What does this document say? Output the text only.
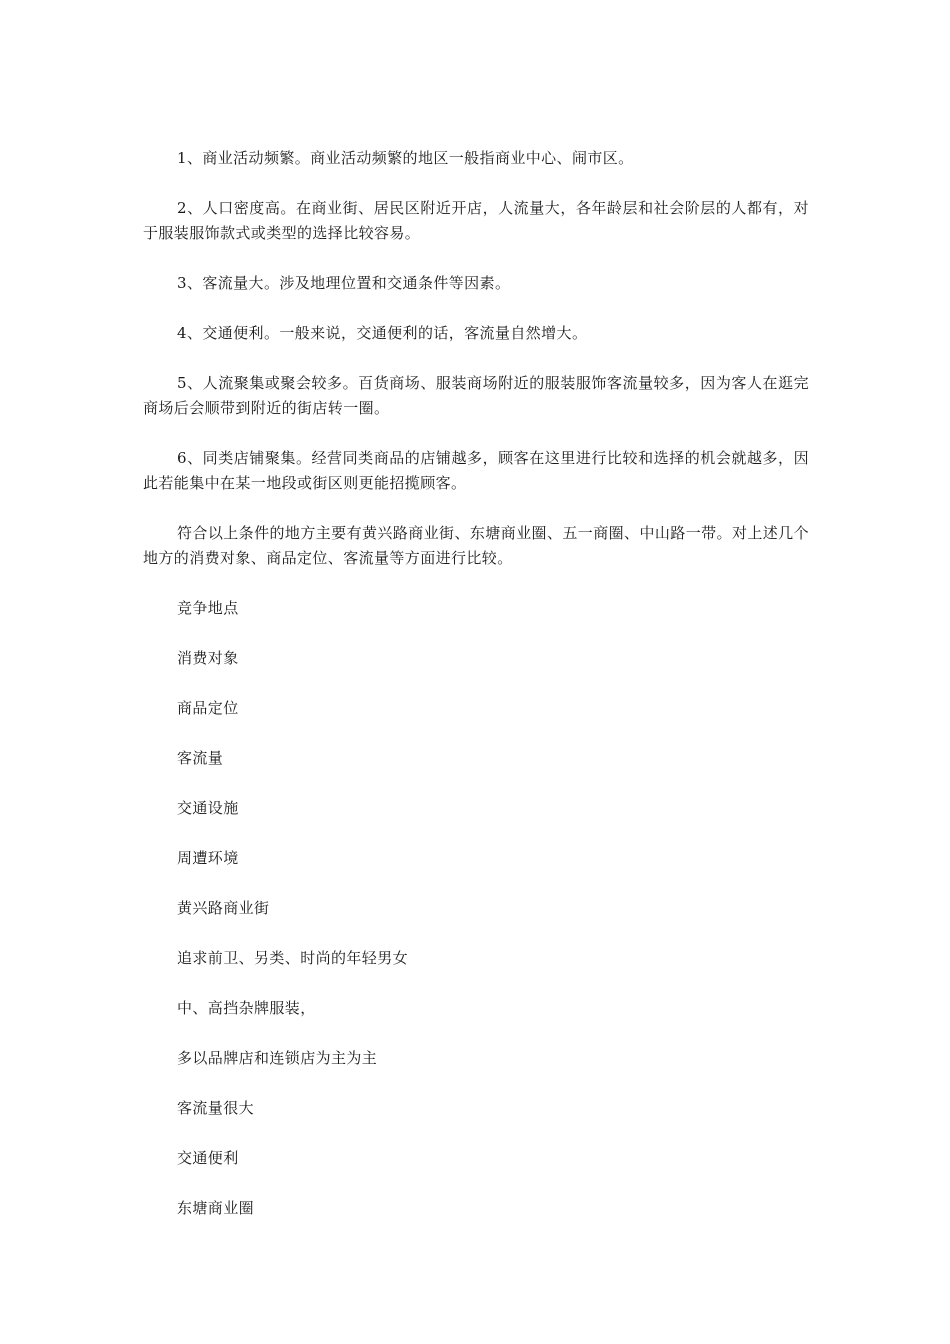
1、商业活动频繁。商业活动频繁的地区一般指商业中心、闹市区。

2、人口密度高。在商业街、居民区附近开店，人流量大，各年龄层和社会阶层的人都有，对于服装服饰款式或类型的选择比较容易。

3、客流量大。涉及地理位置和交通条件等因素。

4、交通便利。一般来说，交通便利的话，客流量自然增大。

5、人流聚集或聚会较多。百货商场、服装商场附近的服装服饰客流量较多，因为客人在逛完商场后会顺带到附近的街店转一圈。

6、同类店铺聚集。经营同类商品的店铺越多，顾客在这里进行比较和选择的机会就越多，因此若能集中在某一地段或街区则更能招揽顾客。

符合以上条件的地方主要有黄兴路商业街、东塘商业圈、五一商圈、中山路一带。对上述几个地方的消费对象、商品定位、客流量等方面进行比较。

竞争地点

消费对象

商品定位

客流量

交通设施

周遭环境

黄兴路商业街

追求前卫、另类、时尚的年轻男女

中、高挡杂牌服装，

多以品牌店和连锁店为主为主

客流量很大

交通便利

东塘商业圈
